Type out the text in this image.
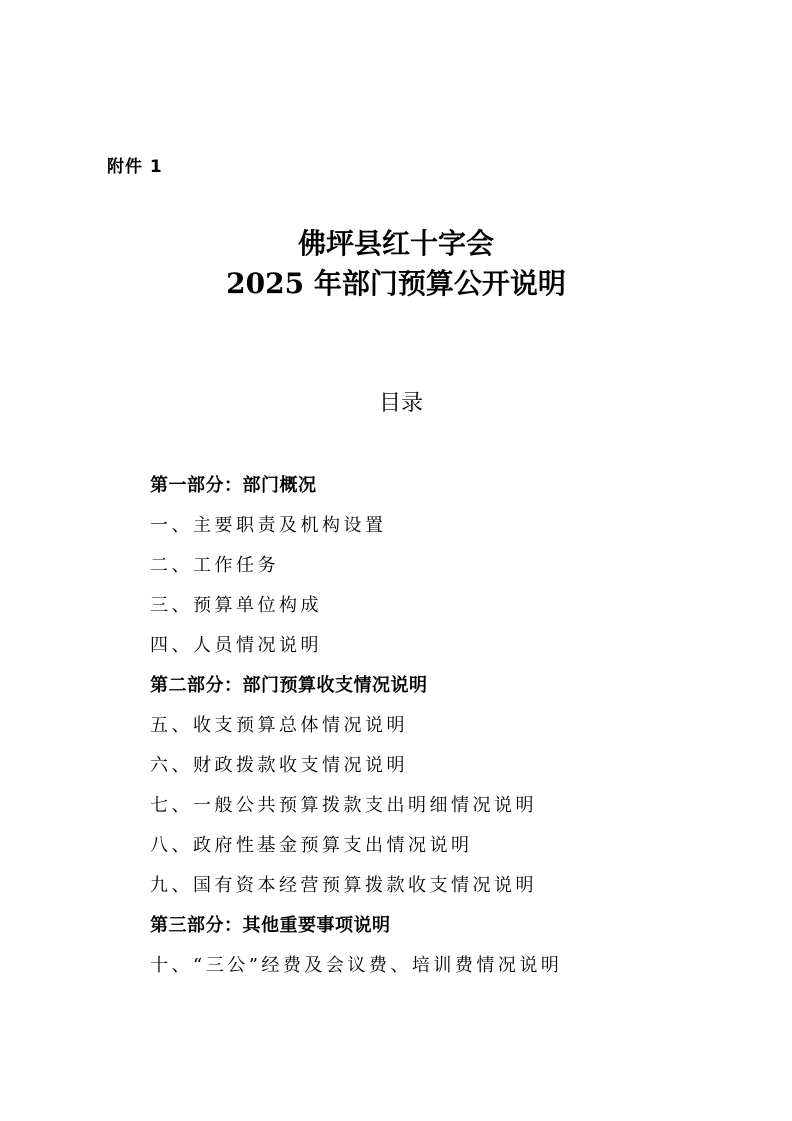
附件 1
佛坪县红十字会
2025 年部门预算公开说明
目录
第一部分：部门概况
一、主要职责及机构设置
二、工作任务
三、预算单位构成
四、人员情况说明
第二部分：部门预算收支情况说明
五、收支预算总体情况说明
六、财政拨款收支情况说明
七、一般公共预算拨款支出明细情况说明
八、政府性基金预算支出情况说明
九、国有资本经营预算拨款收支情况说明
第三部分：其他重要事项说明
十、“三公”经费及会议费、培训费情况说明
